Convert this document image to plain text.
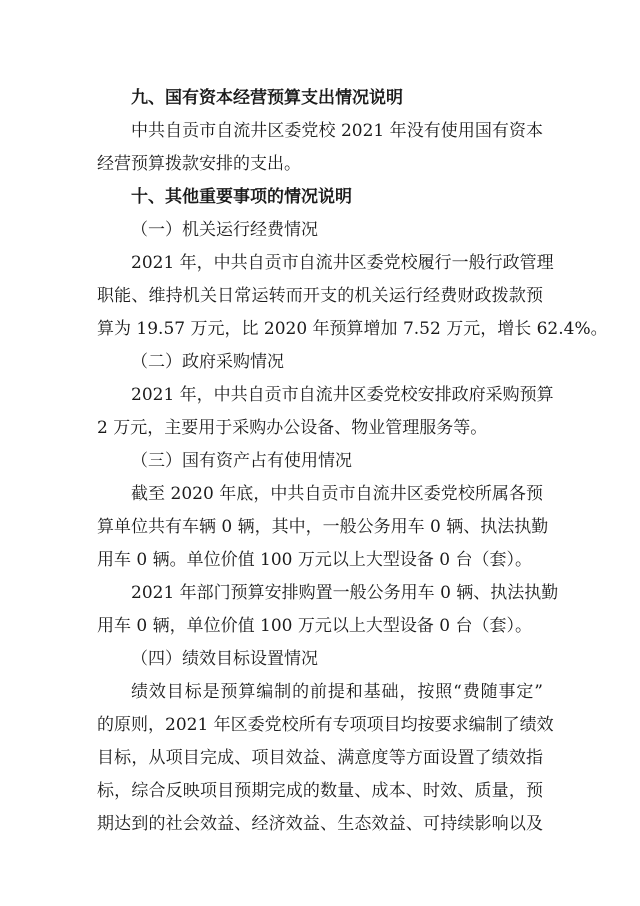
九、国有资本经营预算支出情况说明
中共自贡市自流井区委党校 2021 年没有使用国有资本
经营预算拨款安排的支出。
十、其他重要事项的情况说明
（一）机关运行经费情况
2021 年，中共自贡市自流井区委党校履行一般行政管理
职能、维持机关日常运转而开支的机关运行经费财政拨款预
算为 19.57 万元，比 2020 年预算增加 7.52 万元，增长 62.4%。
（二）政府采购情况
2021 年，中共自贡市自流井区委党校安排政府采购预算
2 万元，主要用于采购办公设备、物业管理服务等。
（三）国有资产占有使用情况
截至 2020 年底，中共自贡市自流井区委党校所属各预
算单位共有车辆 0 辆，其中，一般公务用车 0 辆、执法执勤
用车 0 辆。单位价值 100 万元以上大型设备 0 台（套）。
2021 年部门预算安排购置一般公务用车 0 辆、执法执勤
用车 0 辆，单位价值 100 万元以上大型设备 0 台（套）。
（四）绩效目标设置情况
绩效目标是预算编制的前提和基础，按照“费随事定”
的原则，2021 年区委党校所有专项项目均按要求编制了绩效
目标，从项目完成、项目效益、满意度等方面设置了绩效指
标，综合反映项目预期完成的数量、成本、时效、质量，预
期达到的社会效益、经济效益、生态效益、可持续影响以及
